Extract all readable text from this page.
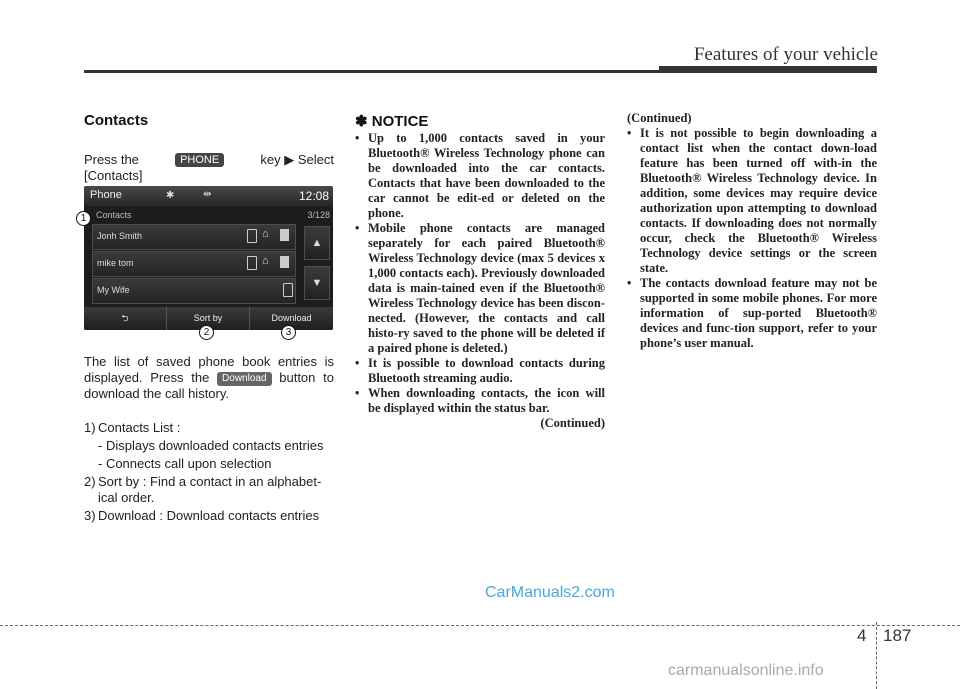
Features of your vehicle
Contacts
Press the	PHONE	key ▶ Select
[Contacts]
Phone	✱	⇹	12:08
Contacts	3/128
Jonh Smith	⌂
mike tom	⌂
My Wife
▲
▼
⮌	Sort by	Download
1
2	3
The list of saved phone book entries is displayed. Press the Download button to download the call history.
1) Contacts List :
- Displays downloaded contacts entries
- Connects call upon selection
2) Sort by : Find a contact in an alphabet-ical order.
3) Download : Download contacts entries
✽ NOTICE
• Up to 1,000 contacts saved in your Bluetooth® Wireless Technology phone can be downloaded into the car contacts. Contacts that have been downloaded to the car cannot be edit-ed or deleted on the phone.
• Mobile phone contacts are managed separately for each paired Bluetooth® Wireless Technology device (max 5 devices x 1,000 contacts each). Previously downloaded data is main-tained even if the Bluetooth® Wireless Technology device has been discon-nected. (However, the contacts and call histo-ry saved to the phone will be deleted if a paired phone is deleted.)
• It is possible to download contacts during Bluetooth streaming audio.
• When downloading contacts, the icon will be displayed within the status bar.
(Continued)
(Continued)
• It is not possible to begin downloading a contact list when the contact down-load feature has been turned off with-in the Bluetooth® Wireless Technology device. In addition, some devices may require device authorization upon attempting to download contacts. If downloading does not normally occur, check the Bluetooth® Wireless Technology device settings or the screen state.
• The contacts download feature may not be supported in some mobile phones. For more information of sup-ported Bluetooth® devices and func-tion support, refer to your phone’s user manual.
CarManuals2.com
4 187
carmanualsonline.info
